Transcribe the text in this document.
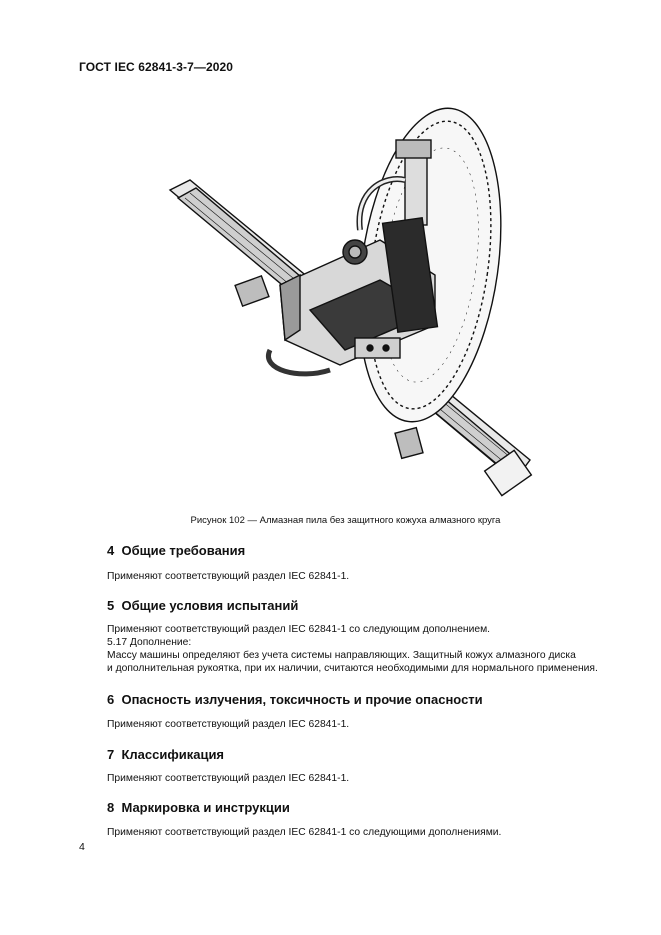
ГОСТ IEC 62841-3-7—2020
Рисунок 102 — Алмазная пила без защитного кожуха алмазного круга
4 Общие требования
Применяют соответствующий раздел IEC 62841-1.
5 Общие условия испытаний
Применяют соответствующий раздел IEC 62841-1 со следующим дополнением.
5.17 Дополнение:
Массу машины определяют без учета системы направляющих. Защитный кожух алмазного диска
и дополнительная рукоятка, при их наличии, считаются необходимыми для нормального применения.
6 Опасность излучения, токсичность и прочие опасности
Применяют соответствующий раздел IEC 62841-1.
7 Классификация
Применяют соответствующий раздел IEC 62841-1.
8 Маркировка и инструкции
Применяют соответствующий раздел IEC 62841-1 со следующими дополнениями.
4
